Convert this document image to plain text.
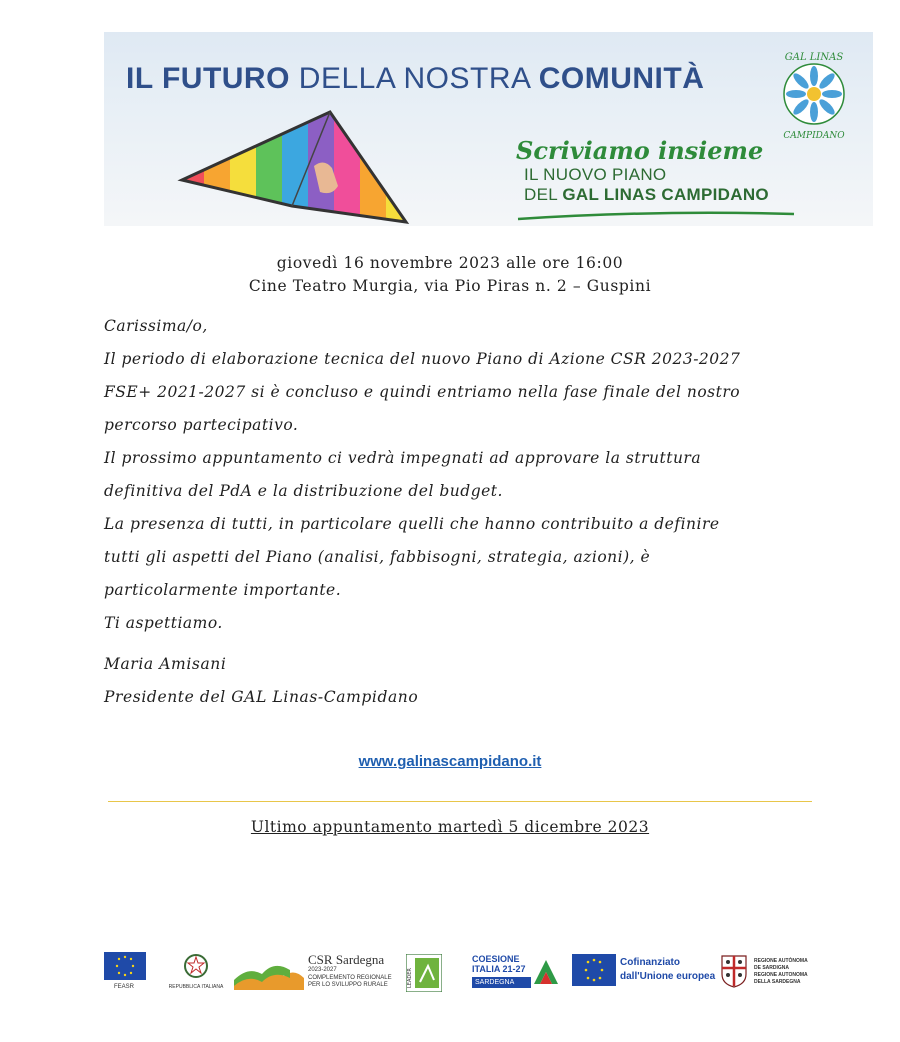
IL FUTURO DELLA NOSTRA COMUNITÀ
Scriviamo insieme
IL NUOVO PIANO
DEL GAL LINAS CAMPIDANO
GAL LINAS
CAMPIDANO
giovedì 16 novembre 2023 alle ore 16:00
Cine Teatro Murgia, via Pio Piras n. 2 – Guspini

Carissima/o,

Il periodo di elaborazione tecnica del nuovo Piano di Azione CSR 2023-2027

FSE+ 2021-2027 si è concluso e quindi entriamo nella fase finale del nostro

percorso partecipativo.

Il prossimo appuntamento ci vedrà impegnati ad approvare la struttura

definitiva del PdA e la distribuzione del budget.

La presenza di tutti, in particolare quelli che hanno contribuito a definire

tutti gli aspetti del Piano (analisi, fabbisogni, strategia, azioni), è

particolarmente importante.

Ti aspettiamo.

Maria Amisani
Presidente del GAL Linas-Campidano
www.galinascampidano.it
Ultimo appuntamento martedì 5 dicembre 2023
FEASR	REPUBBLICA ITALIANA
CSR Sardegna
2023-2027
COMPLEMENTO REGIONALE
PER LO SVILUPPO RURALE	LEADER
COESIONE
ITALIA 21-27
SARDEGNA
Cofinanziato
dall'Unione europea
REGIONE AUTÒNOMA
DE SARDIGNA
REGIONE AUTONOMA
DELLA SARDEGNA
